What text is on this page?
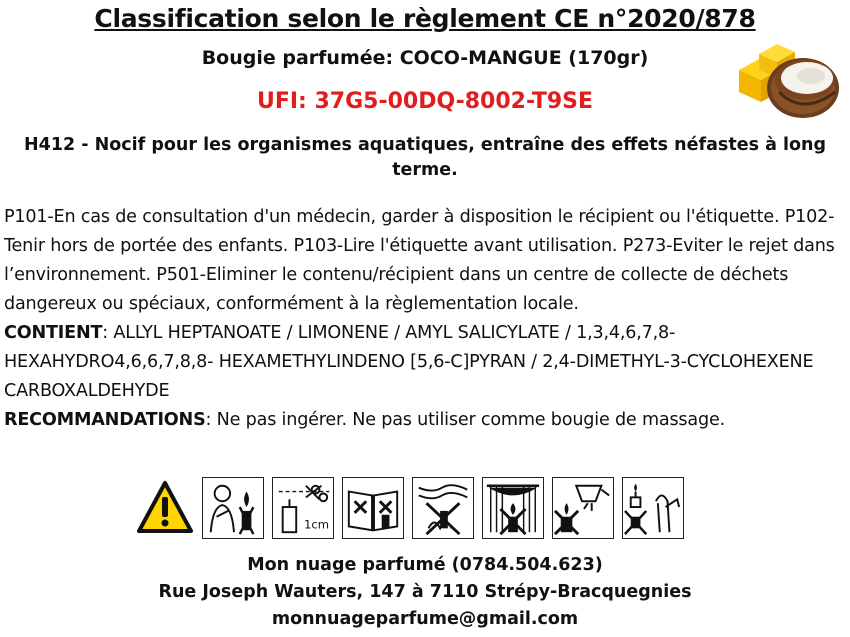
Classification selon le règlement CE n°2020/878
Bougie parfumée: COCO-MANGUE (170gr)
UFI: 37G5-00DQ-8002-T9SE
H412 - Nocif pour les organismes aquatiques, entraîne des effets néfastes à long terme.

P101-En cas de consultation d'un médecin, garder à disposition le récipient ou l'étiquette. P102-Tenir hors de portée des enfants. P103-Lire l'étiquette avant utilisation. P273-Eviter le rejet dans l’environnement. P501-Eliminer le contenu/récipient dans un centre de collecte de déchets dangereux ou spéciaux, conformément à la règlementation locale.

CONTIENT: ALLYL HEPTANOATE / LIMONENE / AMYL SALICYLATE / 1,3,4,6,7,8-HEXAHYDRO4,6,6,7,8,8- HEXAMETHYLINDENO [5,6-C]PYRAN / 2,4-DIMETHYL-3-CYCLOHEXENE CARBOXALDEHYDE

RECOMMANDATIONS: Ne pas ingérer. Ne pas utiliser comme bougie de massage.

1cm
Mon nuage parfumé (0784.504.623)
Rue Joseph Wauters, 147 à 7110 Strépy-Bracquegnies
monnuageparfume@gmail.com
